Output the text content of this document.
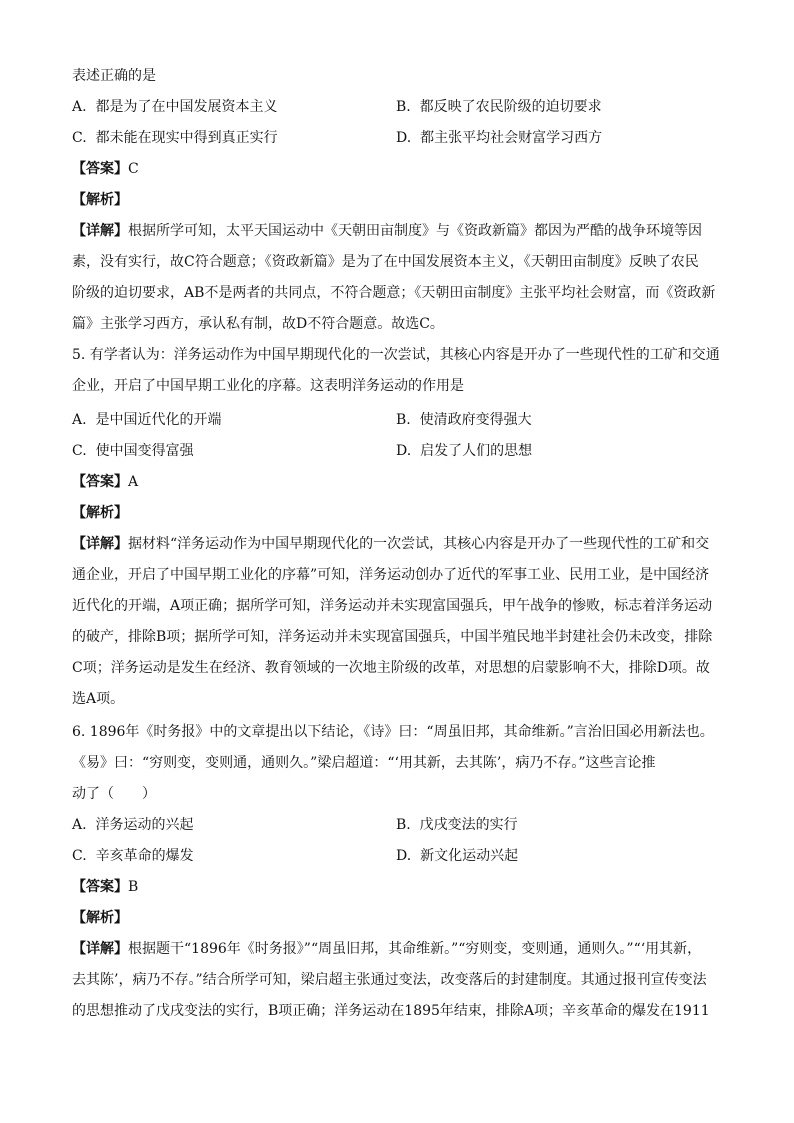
表述正确的是
A. 都是为了在中国发展资本主义	B. 都反映了农民阶级的迫切要求
C. 都未能在现实中得到真正实行	D. 都主张平均社会财富学习西方
【答案】C
【解析】

【详解】根据所学可知，太平天国运动中《天朝田亩制度》与《资政新篇》都因为严酷的战争环境等因

素，没有实行，故C符合题意；《资政新篇》是为了在中国发展资本主义，《天朝田亩制度》反映了农民

阶级的迫切要求，AB不是两者的共同点，不符合题意；《天朝田亩制度》主张平均社会财富，而《资政新

篇》主张学习西方，承认私有制，故D不符合题意。故选C。

5. 有学者认为：洋务运动作为中国早期现代化的一次尝试，其核心内容是开办了一些现代性的工矿和交通

企业，开启了中国早期工业化的序幕。这表明洋务运动的作用是

A. 是中国近代化的开端	B. 使清政府变得强大
C. 使中国变得富强	D. 启发了人们的思想
【答案】A
【解析】

【详解】据材料“洋务运动作为中国早期现代化的一次尝试，其核心内容是开办了一些现代性的工矿和交

通企业，开启了中国早期工业化的序幕”可知，洋务运动创办了近代的军事工业、民用工业，是中国经济

近代化的开端，A项正确；据所学可知，洋务运动并未实现富国强兵，甲午战争的惨败，标志着洋务运动

的破产，排除B项；据所学可知，洋务运动并未实现富国强兵，中国半殖民地半封建社会仍未改变，排除

C项；洋务运动是发生在经济、教育领域的一次地主阶级的改革，对思想的启蒙影响不大，排除D项。故

选A项。

6. 1896年《时务报》中的文章提出以下结论，《诗》曰：“周虽旧邦，其命维新。”言治旧国必用新法也。

《易》曰：“穷则变，变则通，通则久。”梁启超道：“‘用其新，去其陈’，病乃不存。”这些言论推

动了（　　）

A. 洋务运动的兴起	B. 戊戌变法的实行
C. 辛亥革命的爆发	D. 新文化运动兴起
【答案】B
【解析】

【详解】根据题干“1896年《时务报》”“周虽旧邦，其命维新。”“穷则变，变则通，通则久。”“‘用其新，

去其陈’，病乃不存。”结合所学可知，梁启超主张通过变法，改变落后的封建制度。其通过报刊宣传变法

的思想推动了戊戌变法的实行，B项正确；洋务运动在1895年结束，排除A项；辛亥革命的爆发在1911
